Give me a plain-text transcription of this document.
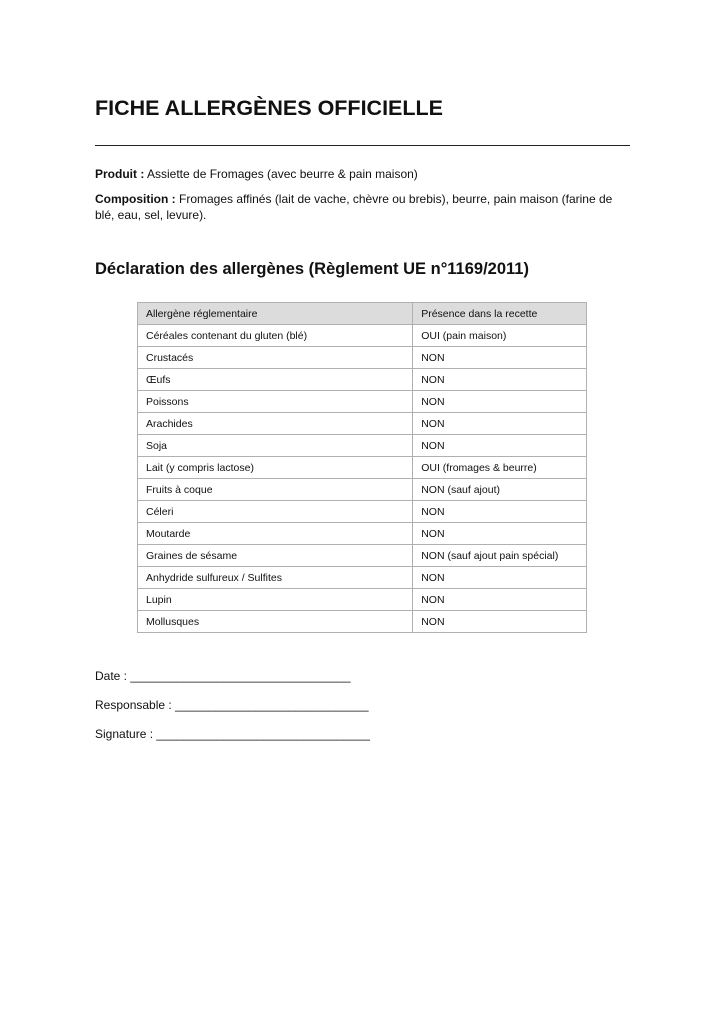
FICHE ALLERGÈNES OFFICIELLE

Produit : Assiette de Fromages (avec beurre & pain maison)

Composition : Fromages affinés (lait de vache, chèvre ou brebis), beurre, pain maison (farine de blé, eau, sel, levure).

Déclaration des allergènes (Règlement UE n°1169/2011)
Allergène réglementaire	Présence dans la recette
Céréales contenant du gluten (blé)	OUI (pain maison)
Crustacés	NON
Œufs	NON
Poissons	NON
Arachides	NON
Soja	NON
Lait (y compris lactose)	OUI (fromages & beurre)
Fruits à coque	NON (sauf ajout)
Céleri	NON
Moutarde	NON
Graines de sésame	NON (sauf ajout pain spécial)
Anhydride sulfureux / Sulfites	NON
Lupin	NON
Mollusques	NON

Date : _________________________________

Responsable : _____________________________

Signature : ________________________________
